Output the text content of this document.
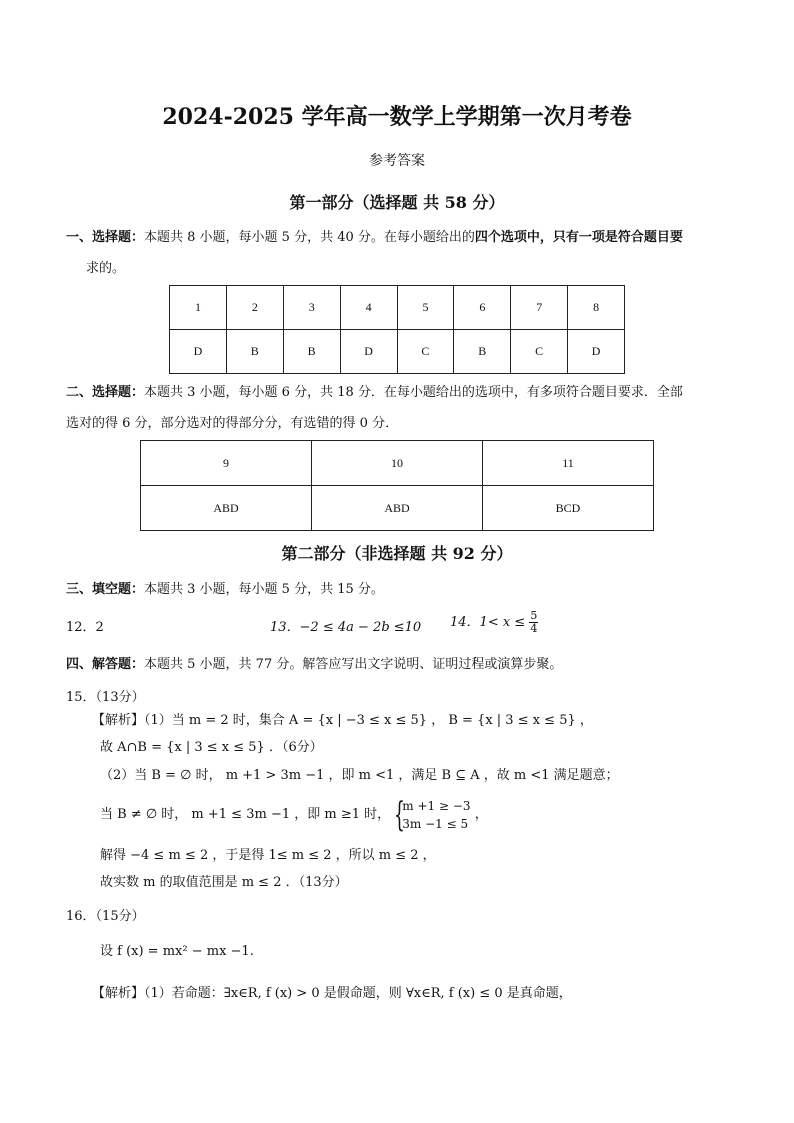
2024-2025 学年高一数学上学期第一次月考卷
参考答案
第一部分（选择题 共 58 分）
一、选择题：本题共 8 小题，每小题 5 分，共 40 分。在每小题给出的四个选项中，只有一项是符合题目要
求的。
1	2	3	4	5	6	7	8
D	B	B	D	C	B	C	D
二、选择题：本题共 3 小题，每小题 6 分，共 18 分．在每小题给出的选项中，有多项符合题目要求．全部
选对的得 6 分，部分选对的得部分分，有选错的得 0 分．
9	10	11
ABD	ABD	BCD
第二部分（非选择题 共 92 分）
三、填空题：本题共 3 小题，每小题 5 分，共 15 分。
12．2	13．−2 ≤ 4a − 2b ≤10 14．$1< x \le \frac{5}{4}$
四、解答题：本题共 5 小题，共 77 分。解答应写出文字说明、证明过程或演算步聚。
15．（13分）
【解析】（1）当 m = 2 时，集合 A = {x | −3 ≤ x ≤ 5} ， B = {x | 3 ≤ x ≤ 5} ，
故 A∩B = {x | 3 ≤ x ≤ 5} ．（6分）
（2）当 B = ∅ 时， m +1 > 3m −1 ，即 m <1 ，满足 B ⊆ A ，故 m <1 满足题意；
当 B ≠ ∅ 时， m +1 ≤ 3m −1 ，即 m ≥1 时， {
m +1 ≥ −3
3m −1 ≤ 5
，
解得 −4 ≤ m ≤ 2 ，于是得 1≤ m ≤ 2 ，所以 m ≤ 2 ，
故实数 m 的取值范围是 m ≤ 2 ．（13分）
16．（15分）
设 f (x) = mx² − mx −1.
【解析】（1）若命题：∃x∈R, f (x) > 0 是假命题，则 ∀x∈R, f (x) ≤ 0 是真命题，
